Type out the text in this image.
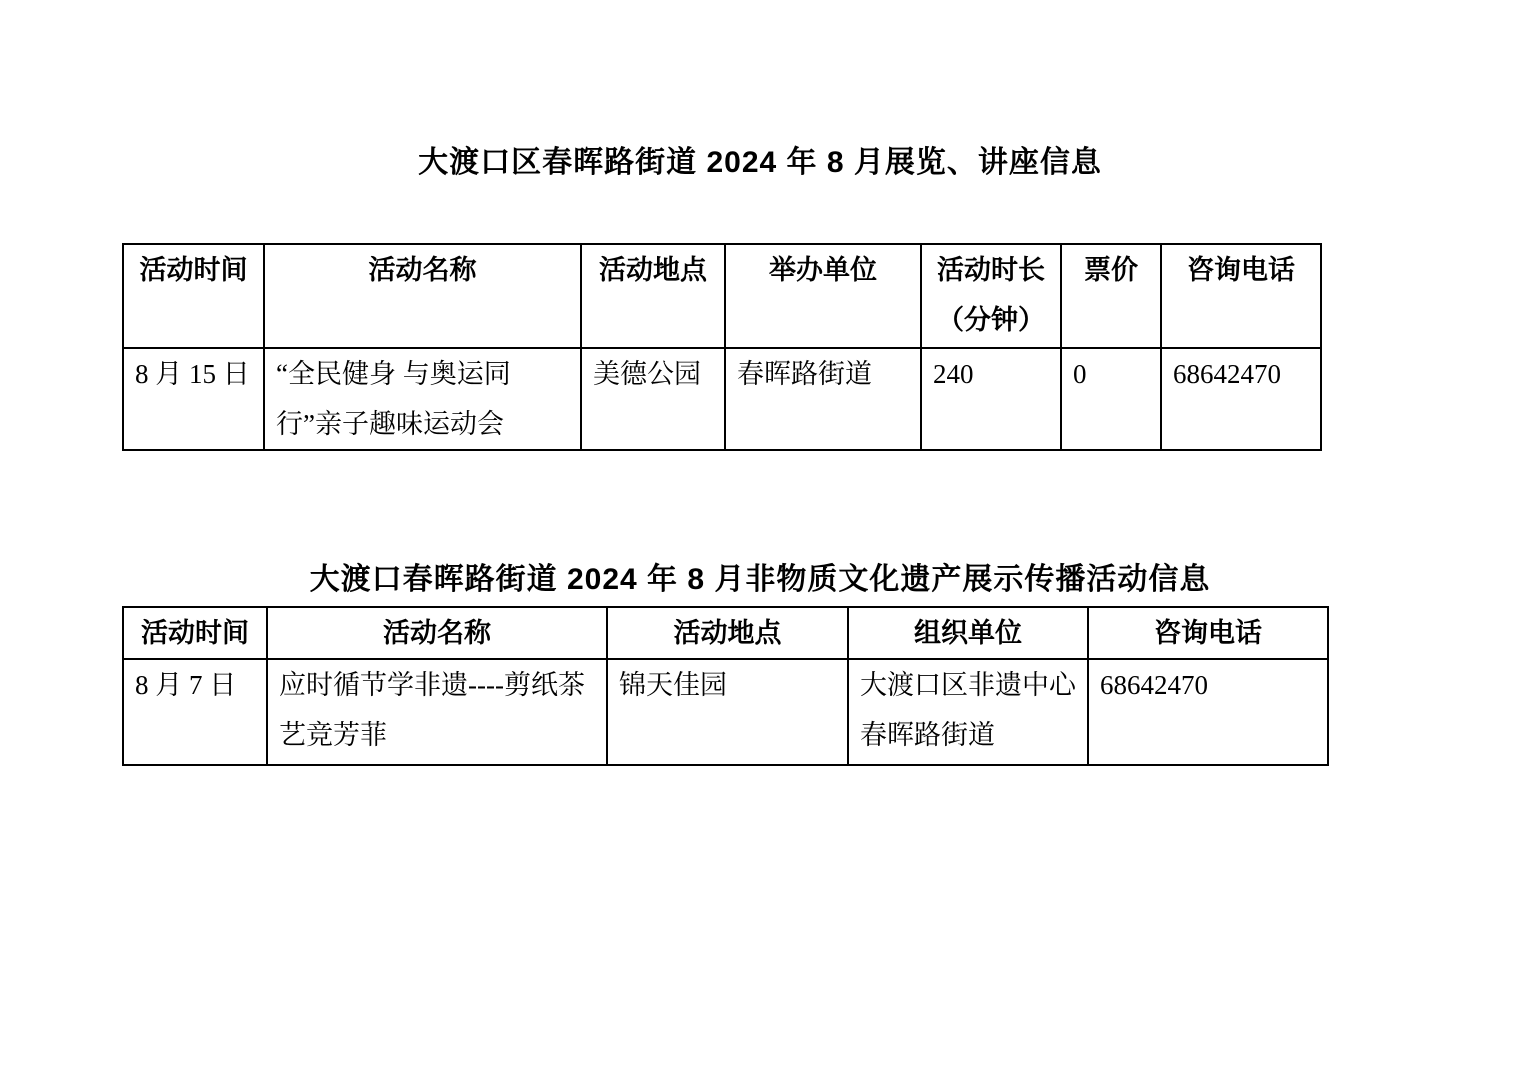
大渡口区春晖路街道 2024 年 8 月展览、讲座信息
活动时间	活动名称	活动地点	举办单位	活动时长（分钟）	票价	咨询电话
8 月 15 日	“全民健身 与奥运同行”亲子趣味运动会	美德公园	春晖路街道	240	0	68642470
大渡口春晖路街道 2024 年 8 月非物质文化遗产展示传播活动信息
活动时间	活动名称	活动地点	组织单位	咨询电话
8 月 7 日	应时循节学非遗----剪纸茶艺竞芳菲	锦天佳园	大渡口区非遗中心 春晖路街道	68642470
